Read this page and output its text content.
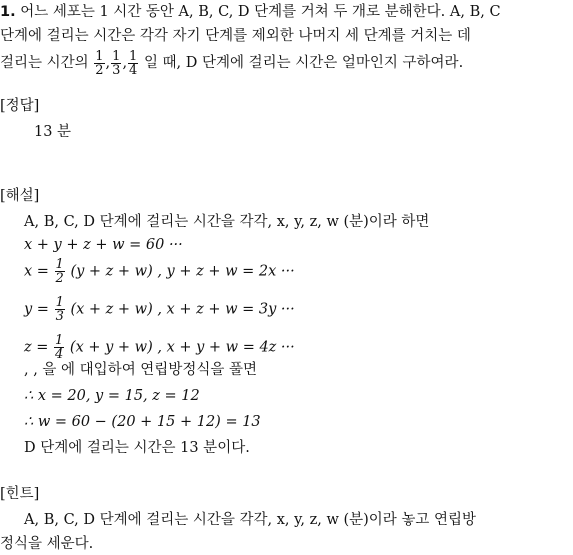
1. 어느 세포는 1 시간 동안 A, B, C, D 단계를 거쳐 두 개로 분해한다. A, B, C
단계에 걸리는 시간은 각각 자기 단계를 제외한 나머지 세 단계를 거치는 데
걸리는 시간의 $\frac{1}{2}$ , $\frac{1}{3}$ , $\frac{1}{4}$ 일 때, D 단계에 걸리는 시간은 얼마인지 구하여라.
[정답]
13 분
[해설]
A, B, C, D 단계에 걸리는 시간을 각각, x, y, z, w (분)이라 하면
x + y + z + w = 60 ···
$x = \frac{1}{2} (y + z + w)$ , y + z + w = 2x ···
$y = \frac{1}{3} (x + z + w)$ , x + z + w = 3y ···
$z = \frac{1}{4} (x + y + w)$ , x + y + w = 4z ···
, , 을 에 대입하여 연립방정식을 풀면
∴ x = 20, y = 15, z = 12
∴ w = 60 − (20 + 15 + 12) = 13
D 단계에 걸리는 시간은 13 분이다.
[힌트]
A, B, C, D 단계에 걸리는 시간을 각각, x, y, z, w (분)이라 놓고 연립방
정식을 세운다.
